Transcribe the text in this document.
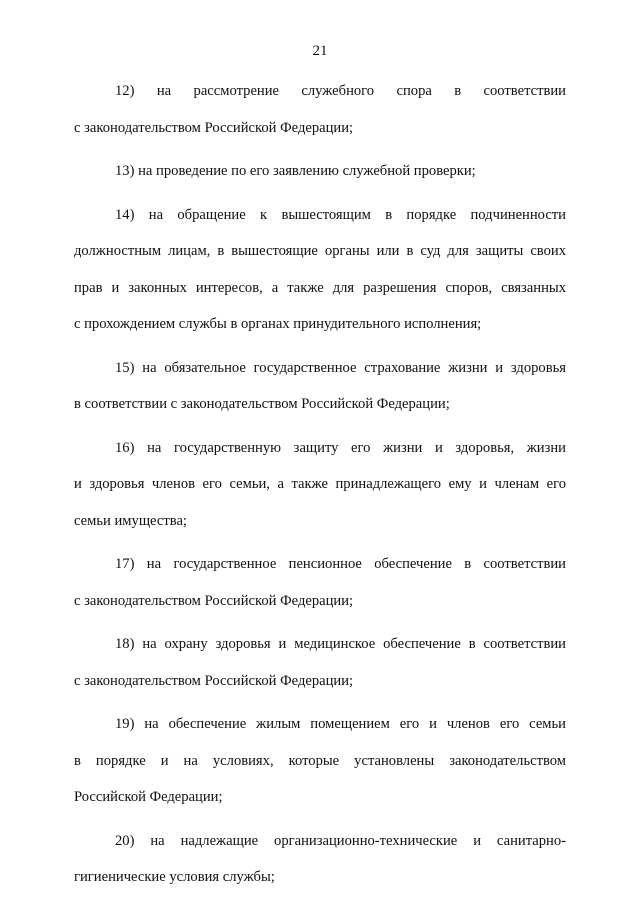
21
12) на рассмотрение служебного спора в соответствии
с законодательством Российской Федерации;
13) на проведение по его заявлению служебной проверки;
14) на обращение к вышестоящим в порядке подчиненности
должностным лицам, в вышестоящие органы или в суд для защиты своих
прав и законных интересов, а также для разрешения споров, связанных
с прохождением службы в органах принудительного исполнения;
15) на обязательное государственное страхование жизни и здоровья
в соответствии с законодательством Российской Федерации;
16) на государственную защиту его жизни и здоровья, жизни
и здоровья членов его семьи, а также принадлежащего ему и членам его
семьи имущества;
17) на государственное пенсионное обеспечение в соответствии
с законодательством Российской Федерации;
18) на охрану здоровья и медицинское обеспечение в соответствии
с законодательством Российской Федерации;
19) на обеспечение жилым помещением его и членов его семьи
в порядке и на условиях, которые установлены законодательством
Российской Федерации;
20) на надлежащие организационно-технические и санитарно-
гигиенические условия службы;
